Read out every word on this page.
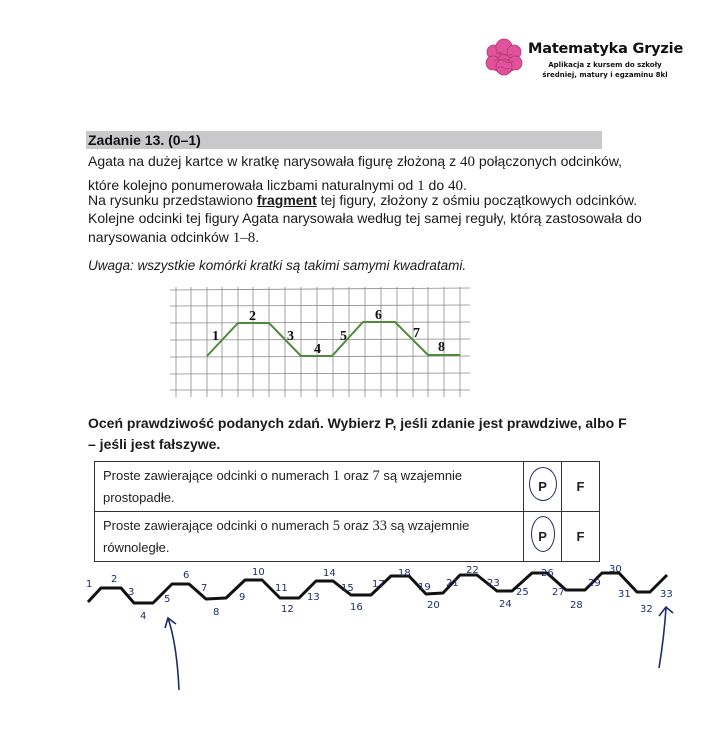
Matematyka Gryzie
Aplikacja z kursem do szkoły średniej, matury i egzaminu 8kl
Zadanie 13. (0–1)
Agata na dużej kartce w kratkę narysowała figurę złożoną z 40 połączonych odcinków,
które kolejno ponumerowała liczbami naturalnymi od 1 do 40.
Na rysunku przedstawiono fragment tej figury, złożony z ośmiu początkowych odcinków.
Kolejne odcinki tej figury Agata narysowała według tej samej reguły, którą zastosowała do
narysowania odcinków 1–8.
Uwaga: wszystkie komórki kratki są takimi samymi kwadratami.
1
2
3
4
5
6
7
8
Oceń prawdziwość podanych zdań. Wybierz P, jeśli zdanie jest prawdziwe, albo F – jeśli jest fałszywe.
Proste zawierające odcinki o numerach 1 oraz 7 są wzajemnie
prostopadłe.	P	F
Proste zawierające odcinki o numerach 5 oraz 33 są wzajemnie
równoległe.	P	F
1 2
3
4
5
6
7
8
9
10
11
12
13
14
15
16
17
18
19
20
21
22
23
24
25
26
27
28
29
30
31
32
33
